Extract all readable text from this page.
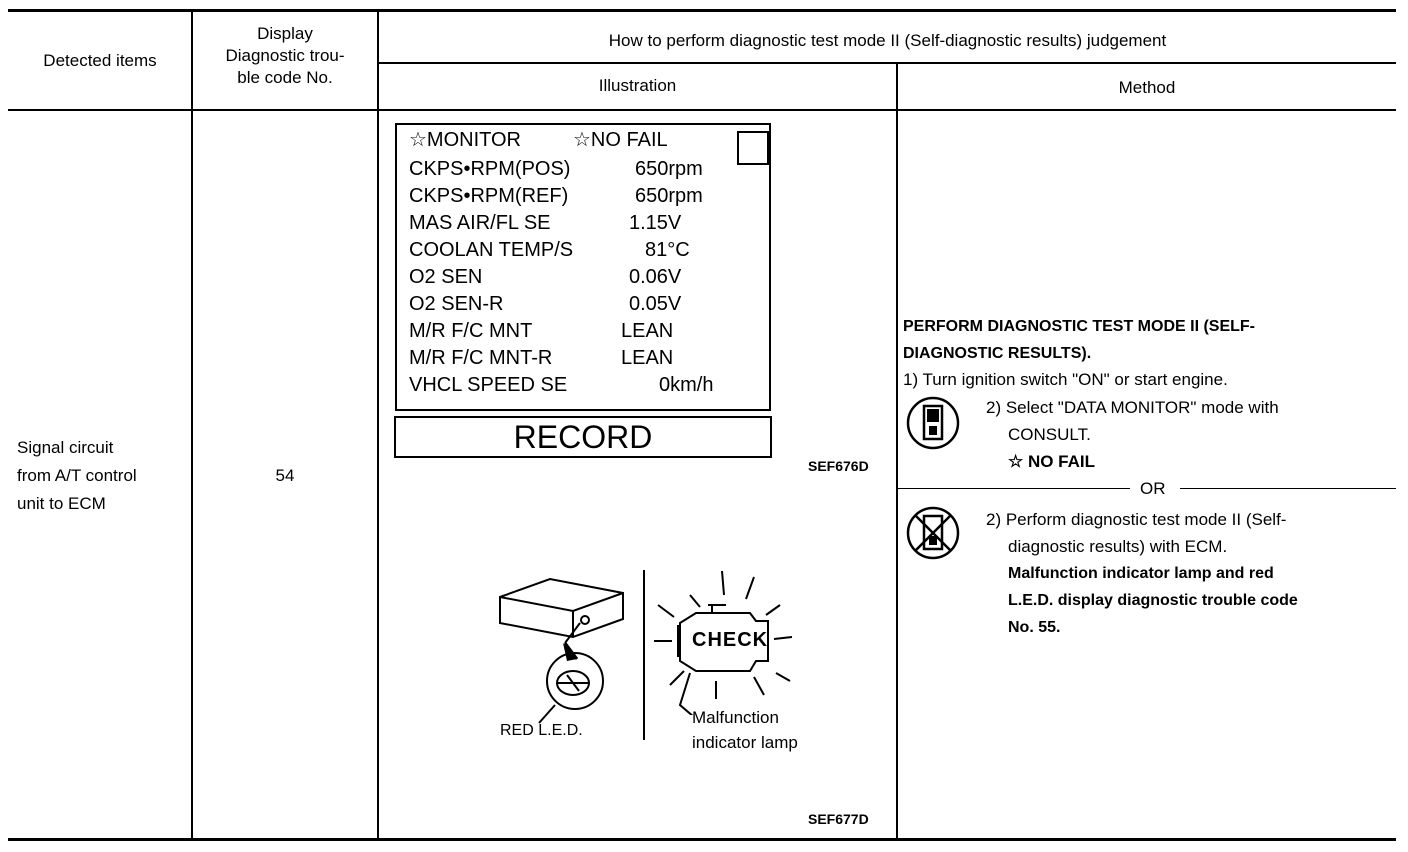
Detected items
Display
Diagnostic trou-
ble code No.
How to perform diagnostic test mode II (Self-diagnostic results) judgement
Illustration	Method
Signal circuit
from A/T control
unit to ECM
54
☆MONITOR	☆NO FAIL
CKPS•RPM(POS)	650rpm
CKPS•RPM(REF)	650rpm
MAS AIR/FL SE	1.15V
COOLAN TEMP/S	81°C
O2 SEN	0.06V
O2 SEN-R	0.05V
M/R F/C MNT	LEAN
M/R F/C MNT-R	LEAN
VHCL SPEED SE	0km/h
RECORD
SEF676D
RED L.E.D.
CHECK
Malfunction
indicator lamp
SEF677D
PERFORM DIAGNOSTIC TEST MODE II (SELF-
DIAGNOSTIC RESULTS).
1) Turn ignition switch "ON" or start engine.
2) Select "DATA MONITOR" mode with
CONSULT.
☆ NO FAIL
OR
2) Perform diagnostic test mode II (Self-
diagnostic results) with ECM.
Malfunction indicator lamp and red
L.E.D. display diagnostic trouble code
No. 55.
